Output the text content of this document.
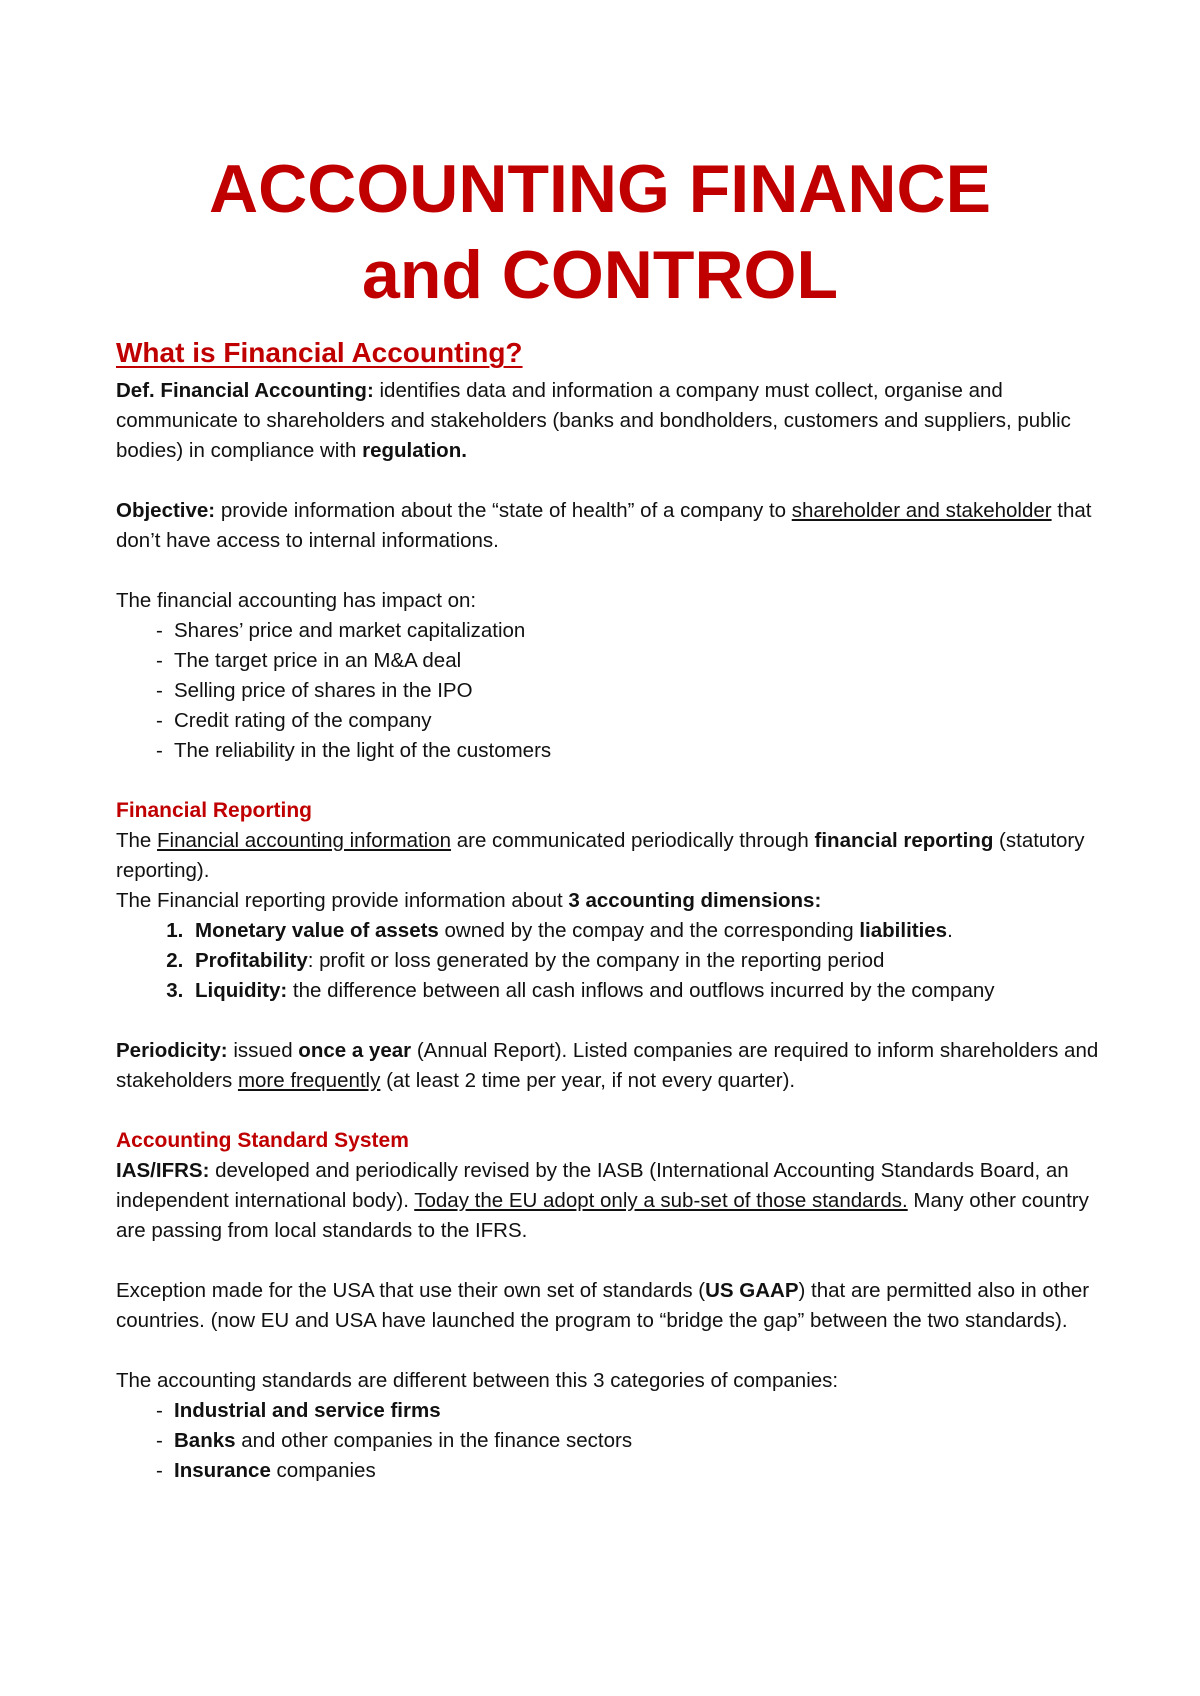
ACCOUNTING FINANCE
and CONTROL
What is Financial Accounting?

Def. Financial Accounting: identifies data and information a company must collect, organise and communicate to shareholders and stakeholders (banks and bondholders, customers and suppliers, public bodies) in compliance with regulation.

Objective: provide information about the “state of health” of a company to shareholder and stakeholder that don’t have access to internal informations.

The financial accounting has impact on:

- Shares’ price and market capitalization
- The target price in an M&A deal
- Selling price of shares in the IPO
- Credit rating of the company
- The reliability in the light of the customers
Financial Reporting

The Financial accounting information are communicated periodically through financial reporting (statutory reporting).

The Financial reporting provide information about 3 accounting dimensions:

1. Monetary value of assets owned by the compay and the corresponding liabilities.
2. Profitability: profit or loss generated by the company in the reporting period
3. Liquidity: the difference between all cash inflows and outflows incurred by the company

Periodicity: issued once a year (Annual Report). Listed companies are required to inform shareholders and stakeholders more frequently (at least 2 time per year, if not every quarter).

Accounting Standard System

IAS/IFRS: developed and periodically revised by the IASB (International Accounting Standards Board, an independent international body). Today the EU adopt only a sub-set of those standards. Many other country are passing from local standards to the IFRS.

Exception made for the USA that use their own set of standards (US GAAP) that are permitted also in other countries. (now EU and USA have launched the program to “bridge the gap” between the two standards).

The accounting standards are different between this 3 categories of companies:

- Industrial and service firms
- Banks and other companies in the finance sectors
- Insurance companies
